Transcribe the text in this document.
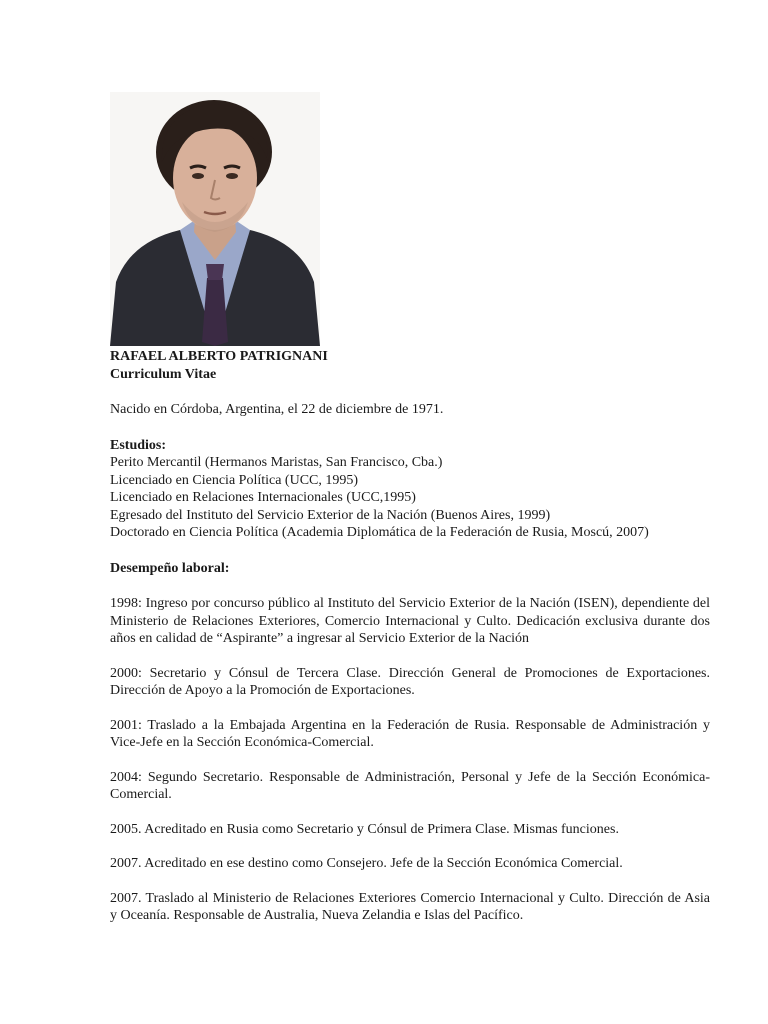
RAFAEL ALBERTO PATRIGNANI
Curriculum Vitae

Nacido en Córdoba, Argentina, el 22 de diciembre de 1971.

Estudios:

Perito Mercantil (Hermanos Maristas, San Francisco, Cba.)

Licenciado en Ciencia Política (UCC, 1995)

Licenciado en Relaciones Internacionales (UCC,1995)

Egresado del Instituto del Servicio Exterior de la Nación (Buenos Aires, 1999)

Doctorado en Ciencia Política (Academia Diplomática de la Federación de Rusia, Moscú, 2007)

Desempeño laboral:

1998: Ingreso por concurso público al Instituto del Servicio Exterior de la Nación (ISEN), dependiente del Ministerio de Relaciones Exteriores, Comercio Internacional y Culto. Dedicación exclusiva durante dos años en calidad de “Aspirante” a ingresar al Servicio Exterior de la Nación

2000: Secretario y Cónsul de Tercera Clase. Dirección General de Promociones de Exportaciones. Dirección de Apoyo a la Promoción de Exportaciones.

2001: Traslado a la Embajada Argentina en la Federación de Rusia. Responsable de Administración y Vice-Jefe en la Sección Económica-Comercial.

2004: Segundo Secretario. Responsable de Administración, Personal y Jefe de la Sección Económica-Comercial.

2005. Acreditado en Rusia como Secretario y Cónsul de Primera Clase. Mismas funciones.

2007. Acreditado en ese destino como Consejero. Jefe de la Sección Económica Comercial.

2007. Traslado al Ministerio de Relaciones Exteriores Comercio Internacional y Culto. Dirección de Asia y Oceanía. Responsable de Australia, Nueva Zelandia e Islas del Pacífico.
